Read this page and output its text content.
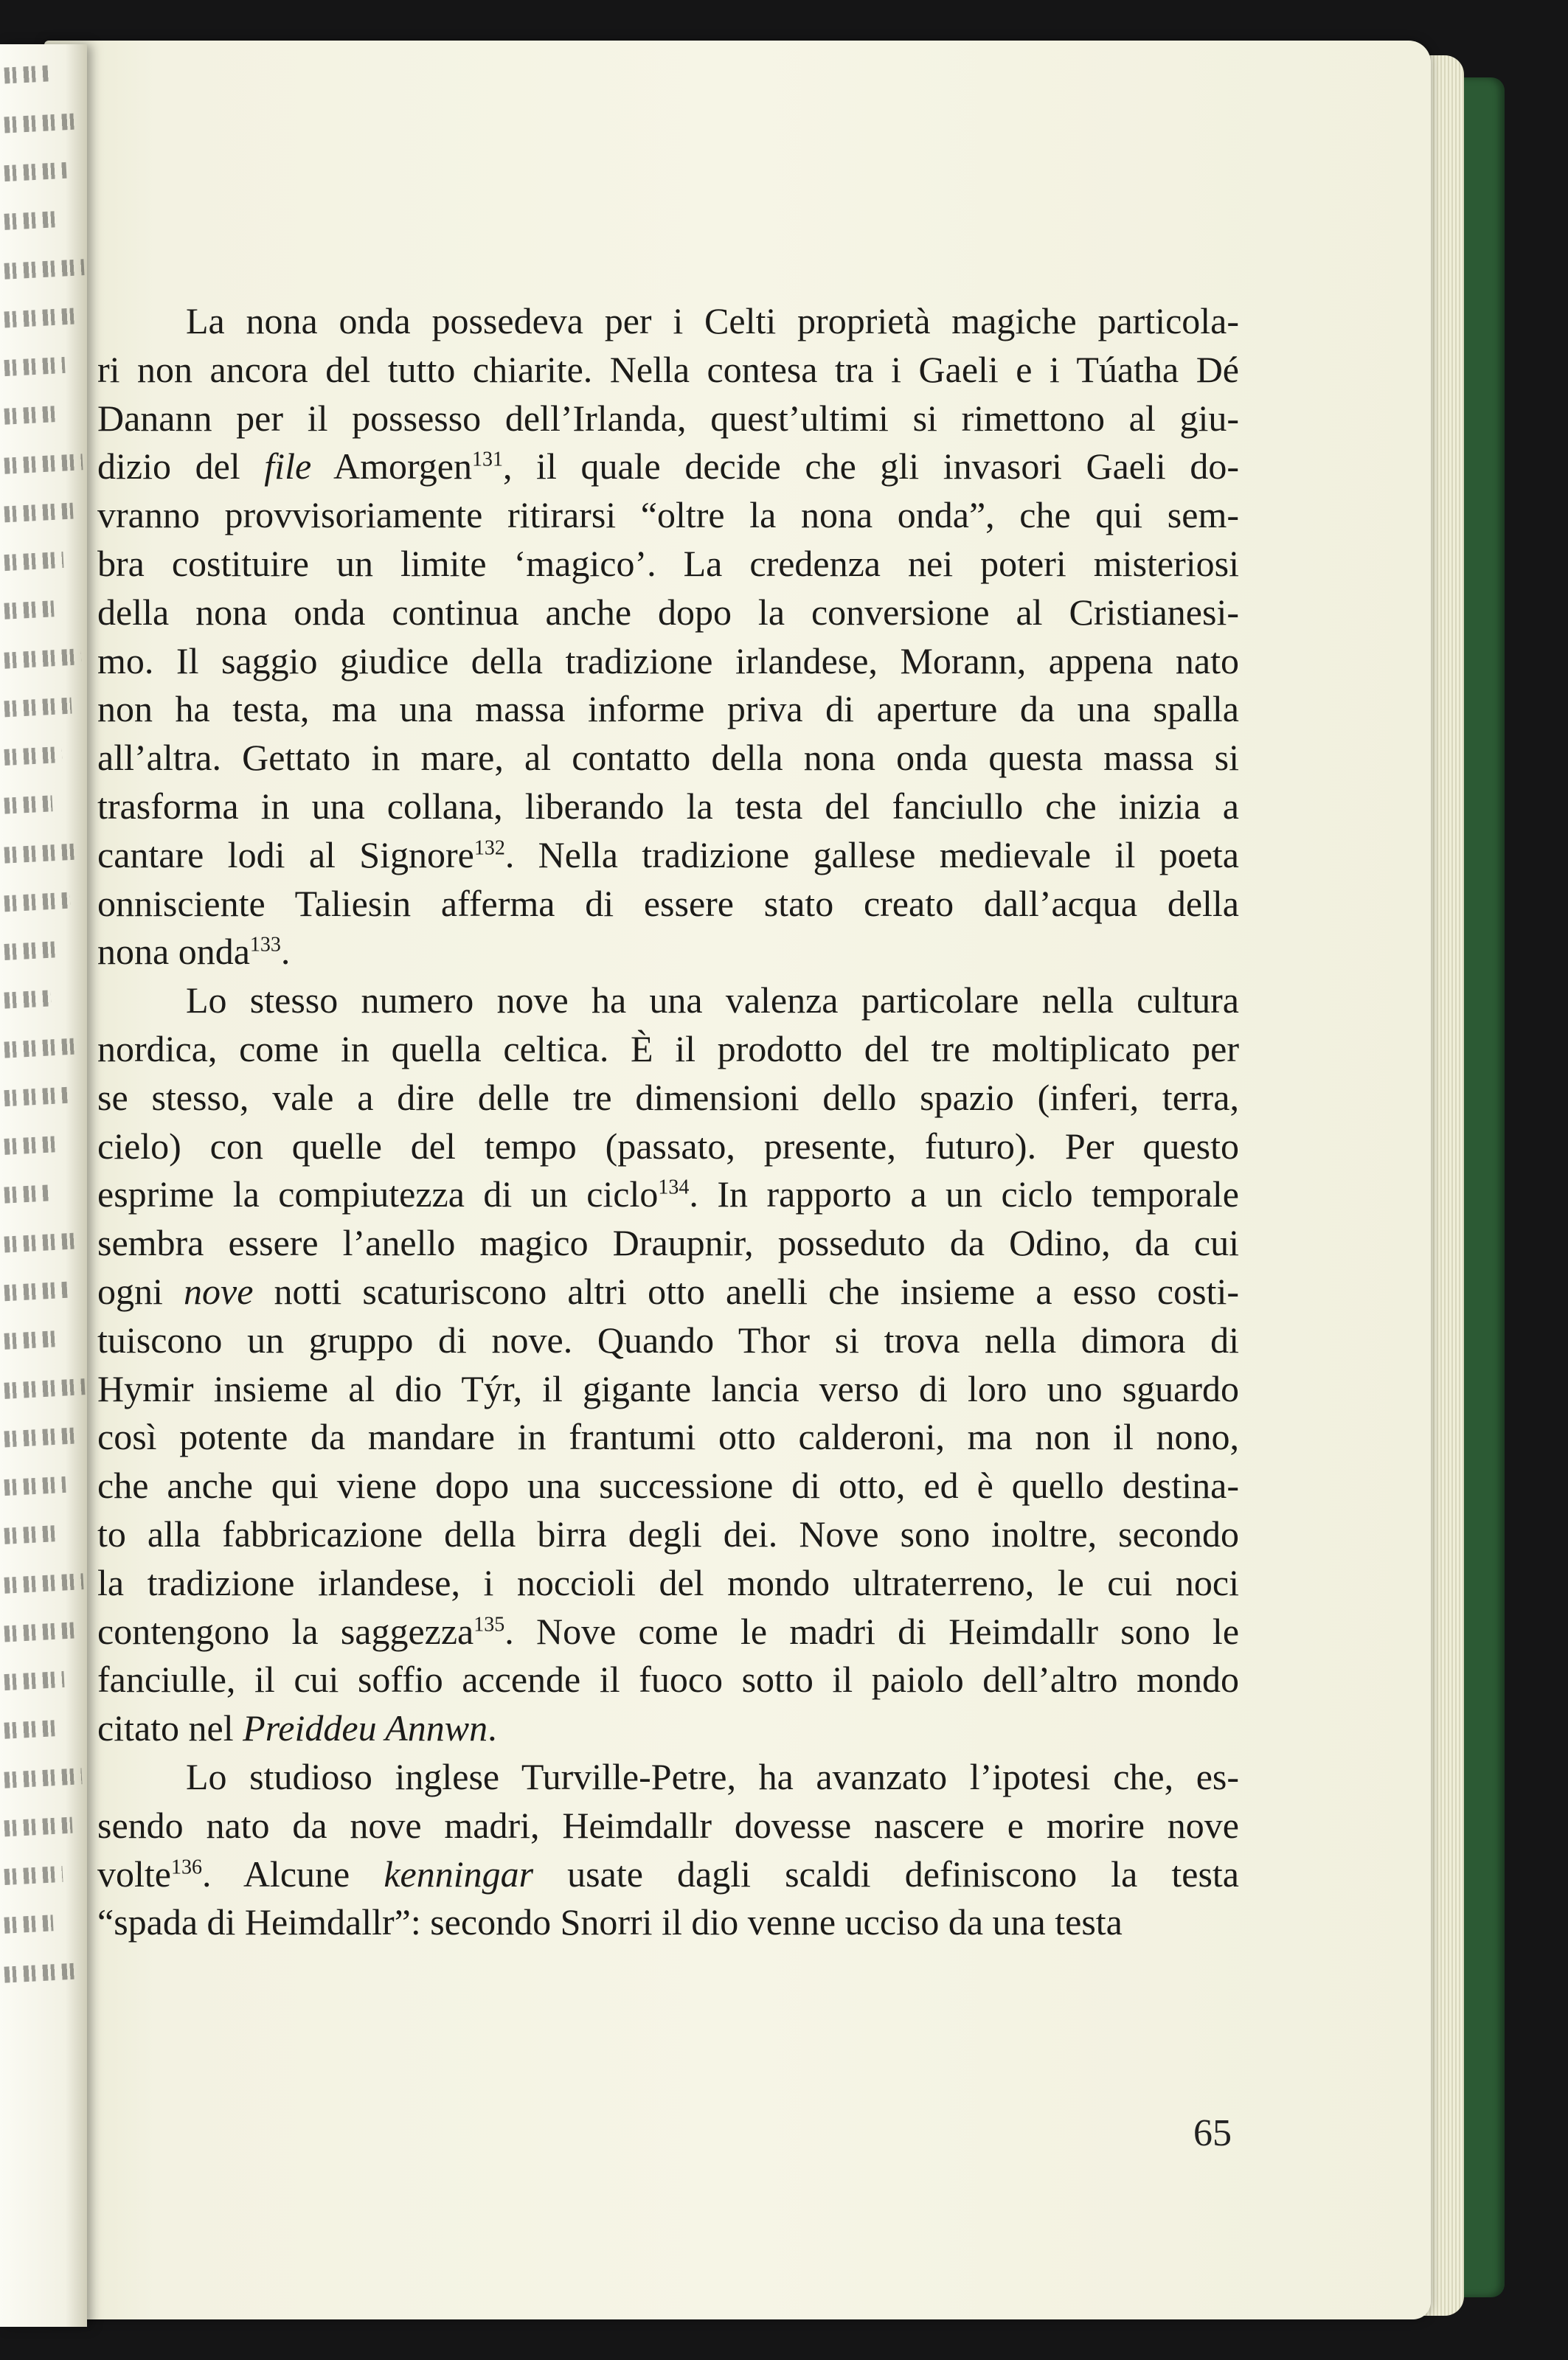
La nona onda possedeva per i Celti proprietà magiche particola-
ri non ancora del tutto chiarite. Nella contesa tra i Gaeli e i Túatha Dé
Danann per il possesso dell’Irlanda, quest’ultimi si rimettono al giu-
dizio del file Amorgen$^{131}$, il quale decide che gli invasori Gaeli do-
vranno provvisoriamente ritirarsi “oltre la nona onda”, che qui sem-
bra costituire un limite ‘magico’. La credenza nei poteri misteriosi
della nona onda continua anche dopo la conversione al Cristianesi-
mo. Il saggio giudice della tradizione irlandese, Morann, appena nato
non ha testa, ma una massa informe priva di aperture da una spalla
all’altra. Gettato in mare, al contatto della nona onda questa massa si
trasforma in una collana, liberando la testa del fanciullo che inizia a
cantare lodi al Signore$^{132}$. Nella tradizione gallese medievale il poeta
onnisciente Taliesin afferma di essere stato creato dall’acqua della
nona onda$^{133}$.
Lo stesso numero nove ha una valenza particolare nella cultura
nordica, come in quella celtica. È il prodotto del tre moltiplicato per
se stesso, vale a dire delle tre dimensioni dello spazio (inferi, terra,
cielo) con quelle del tempo (passato, presente, futuro). Per questo
esprime la compiutezza di un ciclo$^{134}$. In rapporto a un ciclo temporale
sembra essere l’anello magico Draupnir, posseduto da Odino, da cui
ogni nove notti scaturiscono altri otto anelli che insieme a esso costi-
tuiscono un gruppo di nove. Quando Thor si trova nella dimora di
Hymir insieme al dio Týr, il gigante lancia verso di loro uno sguardo
così potente da mandare in frantumi otto calderoni, ma non il nono,
che anche qui viene dopo una successione di otto, ed è quello destina-
to alla fabbricazione della birra degli dei. Nove sono inoltre, secondo
la tradizione irlandese, i noccioli del mondo ultraterreno, le cui noci
contengono la saggezza$^{135}$. Nove come le madri di Heimdallr sono le
fanciulle, il cui soffio accende il fuoco sotto il paiolo dell’altro mondo
citato nel Preiddeu Annwn.
Lo studioso inglese Turville-Petre, ha avanzato l’ipotesi che, es-
sendo nato da nove madri, Heimdallr dovesse nascere e morire nove
volte$^{136}$. Alcune kenningar usate dagli scaldi definiscono la testa
“spada di Heimdallr”: secondo Snorri il dio venne ucciso da una testa
65
